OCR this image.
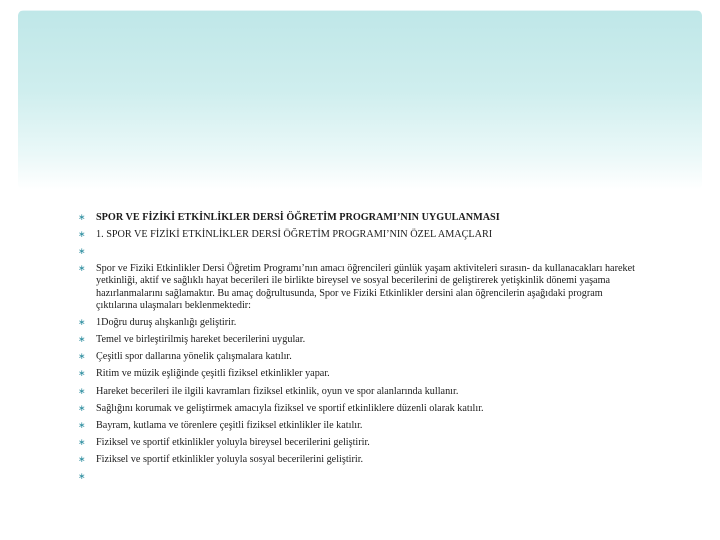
∗ SPOR VE FİZİKİ ETKİNLİKLER DERSİ ÖĞRETİM PROGRAMI’NIN UYGULANMASI
∗ 1. SPOR VE FİZİKİ ETKİNLİKLER DERSİ ÖĞRETİM PROGRAMI’NIN ÖZEL AMAÇLARI
∗
∗ Spor ve Fiziki Etkinlikler Dersi Öğretim Programı’nın amacı öğrencileri günlük yaşam aktiviteleri sırasın- da kullanacakları hareket yetkinliği, aktif ve sağlıklı hayat becerileri ile birlikte bireysel ve sosyal becerilerini de geliştirerek yetişkinlik dönemi yaşama hazırlanmalarını sağlamaktır. Bu amaç doğrultusunda, Spor ve Fiziki Etkinlikler dersini alan öğrencilerin aşağıdaki program çıktılarına ulaşmaları beklenmektedir:
∗ 1Doğru duruş alışkanlığı geliştirir.
∗ Temel ve birleştirilmiş hareket becerilerini uygular.
∗ Çeşitli spor dallarına yönelik çalışmalara katılır.
∗ Ritim ve müzik eşliğinde çeşitli fiziksel etkinlikler yapar.
∗ Hareket becerileri ile ilgili kavramları fiziksel etkinlik, oyun ve spor alanlarında kullanır.
∗ Sağlığını korumak ve geliştirmek amacıyla fiziksel ve sportif etkinliklere düzenli olarak katılır.
∗ Bayram, kutlama ve törenlere çeşitli fiziksel etkinlikler ile katılır.
∗ Fiziksel ve sportif etkinlikler yoluyla bireysel becerilerini geliştirir.
∗ Fiziksel ve sportif etkinlikler yoluyla sosyal becerilerini geliştirir.
∗
